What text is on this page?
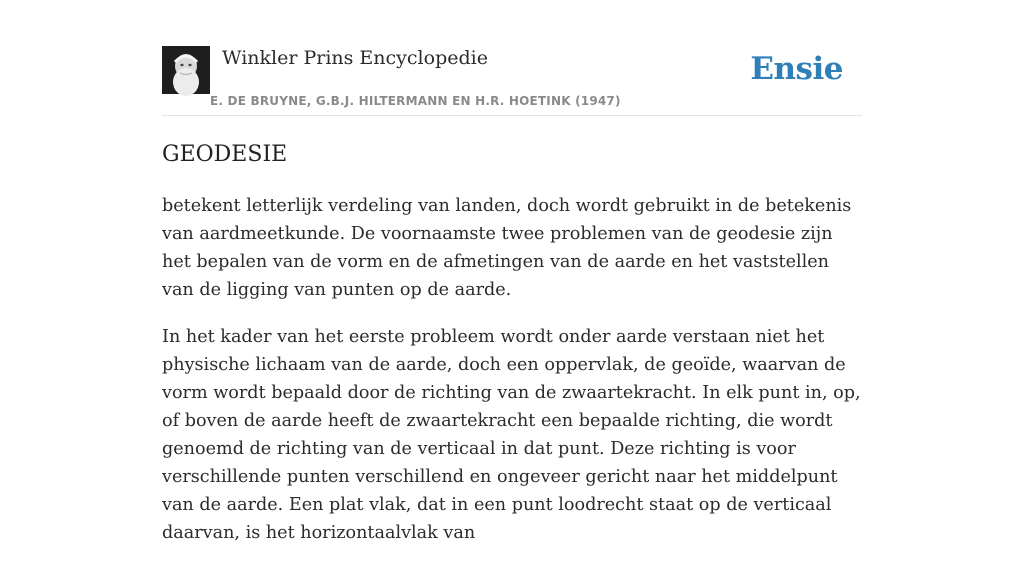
Winkler Prins Encyclopedie
E. DE BRUYNE, G.B.J. HILTERMANN EN H.R. HOETINK (1947)
Ensie
GEODESIE

betekent letterlijk verdeling van landen, doch wordt gebruikt in de betekenis van aardmeetkunde. De voornaamste twee problemen van de geodesie zijn het bepalen van de vorm en de afmetingen van de aarde en het vaststellen van de ligging van punten op de aarde.

In het kader van het eerste probleem wordt onder aarde verstaan niet het physische lichaam van de aarde, doch een oppervlak, de geoïde, waarvan de vorm wordt bepaald door de richting van de zwaartekracht. In elk punt in, op, of boven de aarde heeft de zwaartekracht een bepaalde richting, die wordt genoemd de richting van de verticaal in dat punt. Deze richting is voor verschillende punten verschillend en ongeveer gericht naar het middelpunt van de aarde. Een plat vlak, dat in een punt loodrecht staat op de verticaal daarvan, is het horizontaalvlak van
